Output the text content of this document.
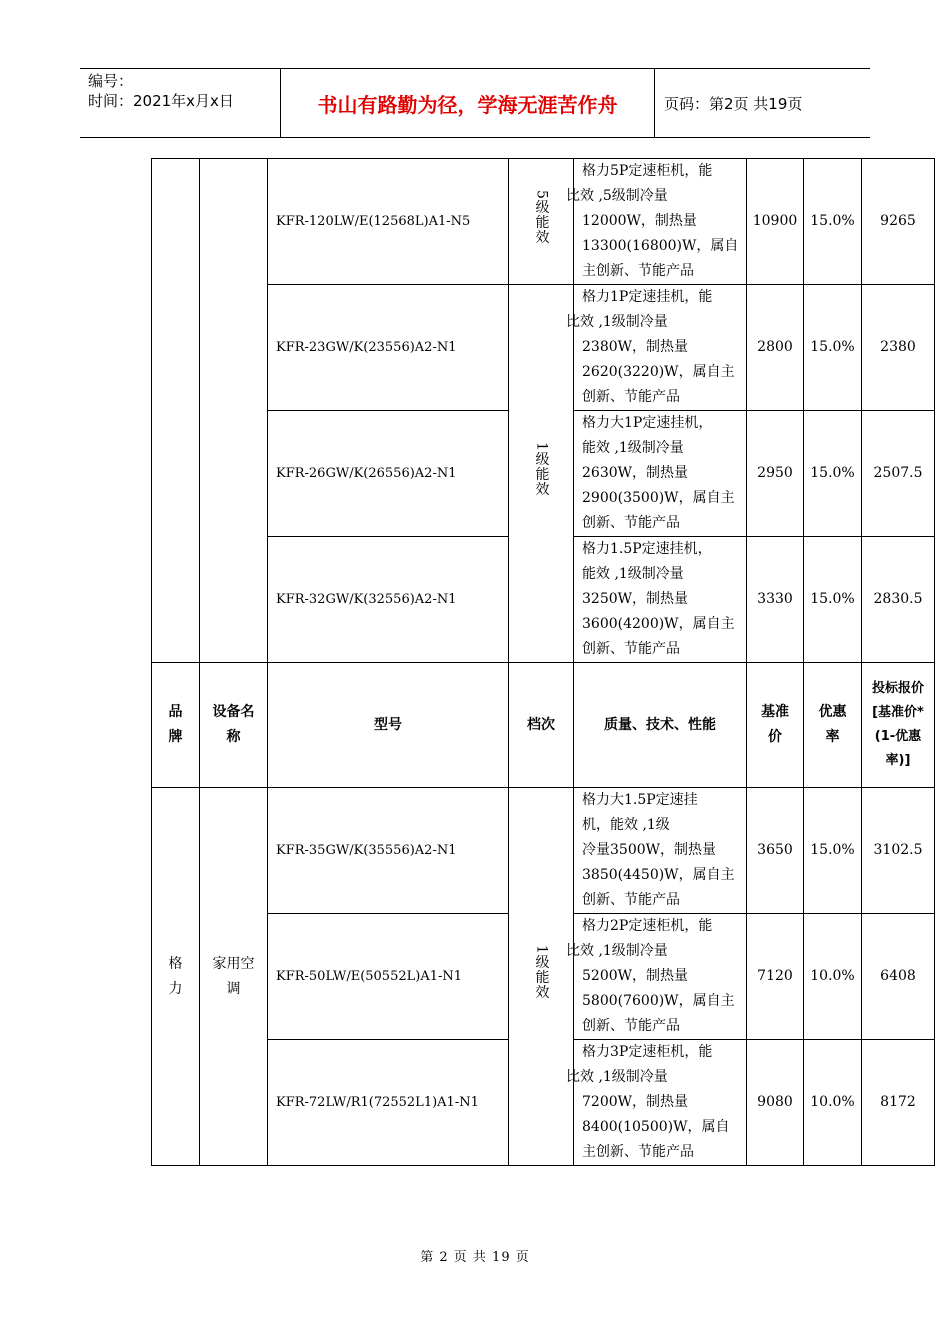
编号：
时间：2021年x月x日	书山有路勤为径，学海无涯苦作舟	页码：第2页 共19页
		KFR-120LW/E(12568L)A1-N5	5级能效	格力5P定速柜机，能
比效 ,5级制冷量
12000W，制热量
13300(16800)W，属自
主创新、节能产品	10900	15.0%	9265
		KFR-23GW/K(23556)A2-N1	1级能效	格力1P定速挂机，能
比效 ,1级制冷量
2380W，制热量
2620(3220)W，属自主
创新、节能产品	2800	15.0%	2380
		KFR-26GW/K(26556)A2-N1		格力大1P定速挂机，
能效 ,1级制冷量
2630W，制热量
2900(3500)W，属自主
创新、节能产品	2950	15.0%	2507.5
		KFR-32GW/K(32556)A2-N1		格力1.5P定速挂机，
能效 ,1级制冷量
3250W，制热量
3600(4200)W，属自主
创新、节能产品	3330	15.0%	2830.5
品牌	设备名称	型号	档次	质量、技术、性能	基准价	优惠率	投标报价[基准价*(1-优惠率)]
格力	家用空调	KFR-35GW/K(35556)A2-N1	1级能效	格力大1.5P定速挂
机，能效 ,1级
冷量3500W，制热量
3850(4450)W，属自主
创新、节能产品	3650	15.0%	3102.5
		KFR-50LW/E(50552L)A1-N1		格力2P定速柜机，能
比效 ,1级制冷量
5200W，制热量
5800(7600)W，属自主
创新、节能产品	7120	10.0%	6408
		KFR-72LW/R1(72552L1)A1-N1		格力3P定速柜机，能
比效 ,1级制冷量
7200W，制热量
8400(10500)W，属自
主创新、节能产品	9080	10.0%	8172
第 2 页 共 19 页
